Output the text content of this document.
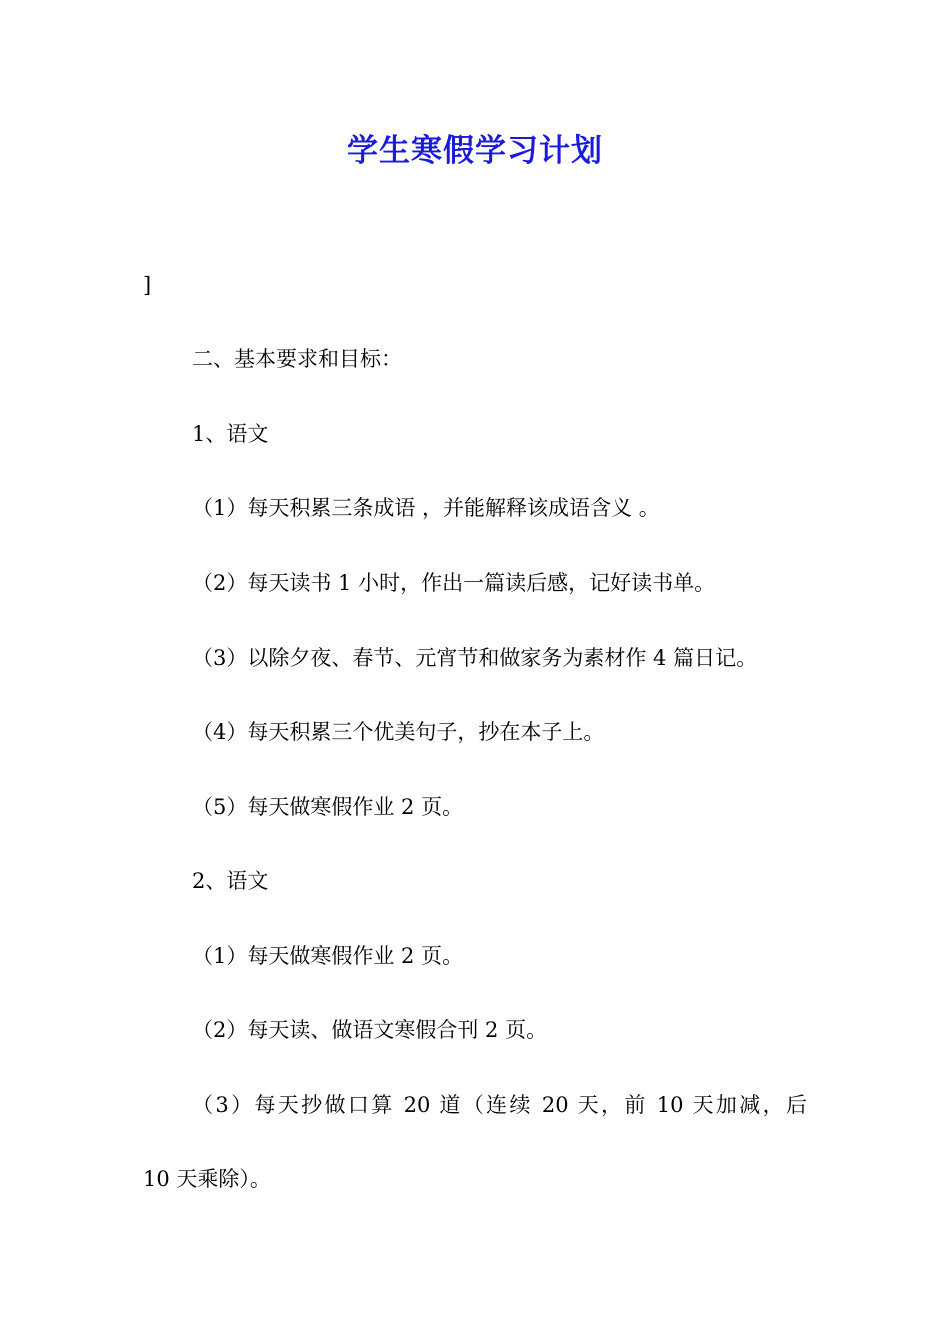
学生寒假学习计划
]
二、基本要求和目标：
1、语文
（1）每天积累三条成语 ，并能解释该成语含义 。
（2）每天读书 1 小时，作出一篇读后感，记好读书单。
（3）以除夕夜、春节、元宵节和做家务为素材作 4 篇日记。
（4）每天积累三个优美句子，抄在本子上。
（5）每天做寒假作业 2 页。
2、语文
（1）每天做寒假作业 2 页。
（2）每天读、做语文寒假合刊 2 页。
（3）每天抄做口算 20 道（连续 20 天，前 10 天加减，后
10 天乘除）。
